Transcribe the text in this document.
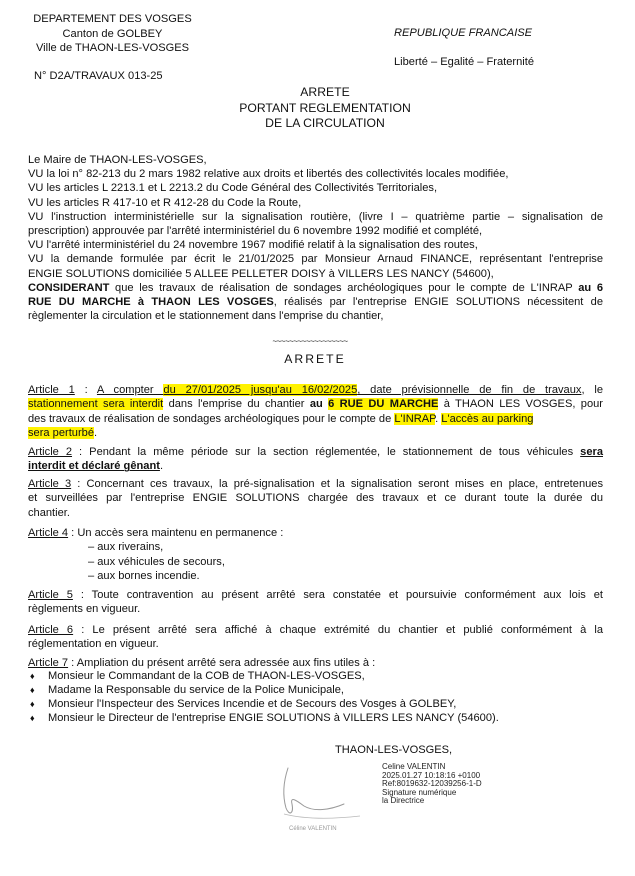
DEPARTEMENT DES VOSGES
Canton de GOLBEY
Ville de THAON-LES-VOSGES
N° D2A/TRAVAUX 013-25
REPUBLIQUE FRANCAISE
Liberté – Egalité – Fraternité
ARRETE
PORTANT REGLEMENTATION
DE LA CIRCULATION
Le Maire de THAON-LES-VOSGES,
VU la loi n° 82-213 du 2 mars 1982 relative aux droits et libertés des collectivités locales modifiée,
VU les articles L 2213.1 et L 2213.2 du Code Général des Collectivités Territoriales,
VU les articles R 417-10 et R 412-28 du Code la Route,
VU l'instruction interministérielle sur la signalisation routière, (livre I – quatrième partie – signalisation de
prescription) approuvée par l'arrêté interministériel du 6 novembre 1992 modifié et complété,
VU l'arrêté interministériel du 24 novembre 1967 modifié relatif à la signalisation des routes,
VU la demande formulée par écrit le 21/01/2025 par Monsieur Arnaud FINANCE, représentant l'entreprise
ENGIE SOLUTIONS domiciliée 5 ALLEE PELLETER DOISY à VILLERS LES NANCY (54600),
CONSIDERANT que les travaux de réalisation de sondages archéologiques pour le compte de L'INRAP au 6
RUE DU MARCHE à THAON LES VOSGES, réalisés par l'entreprise ENGIE SOLUTIONS nécessitent de
règlementer la circulation et le stationnement dans l'emprise du chantier,
~~~~~~~~~~~~~~~~~~
ARRETE
Article 1 : A compter du 27/01/2025 jusqu'au 16/02/2025, date prévisionnelle de fin de travaux, le
stationnement sera interdit dans l'emprise du chantier au 6 RUE DU MARCHE à THAON LES VOSGES, pour
des travaux de réalisation de sondages archéologiques pour le compte de L'INRAP. L'accès au parking
sera perturbé.
Article 2 : Pendant la même période sur la section réglementée, le stationnement de tous véhicules sera
interdit et déclaré gênant.
Article 3 : Concernant ces travaux, la pré-signalisation et la signalisation seront mises en place, entretenues
et surveillées par l'entreprise ENGIE SOLUTIONS chargée des travaux et ce durant toute la durée du
chantier.
Article 4 : Un accès sera maintenu en permanence :
– aux riverains,
– aux véhicules de secours,
– aux bornes incendie.
Article 5 : Toute contravention au présent arrêté sera constatée et poursuivie conformément aux lois et
règlements en vigueur.
Article 6 : Le présent arrêté sera affiché à chaque extrémité du chantier et publié conformément à la
réglementation en vigueur.
Article 7 : Ampliation du présent arrêté sera adressée aux fins utiles à :
♦ Monsieur le Commandant de la COB de THAON-LES-VOSGES,
♦ Madame la Responsable du service de la Police Municipale,
♦ Monsieur l'Inspecteur des Services Incendie et de Secours des Vosges à GOLBEY,
♦ Monsieur le Directeur de l'entreprise ENGIE SOLUTIONS à VILLERS LES NANCY (54600).
THAON-LES-VOSGES,
Celine VALENTIN
2025.01.27 10:18:16 +0100
Ref:8019632-12039256-1-D
Signature numérique
la Directrice
Céline VALENTIN
